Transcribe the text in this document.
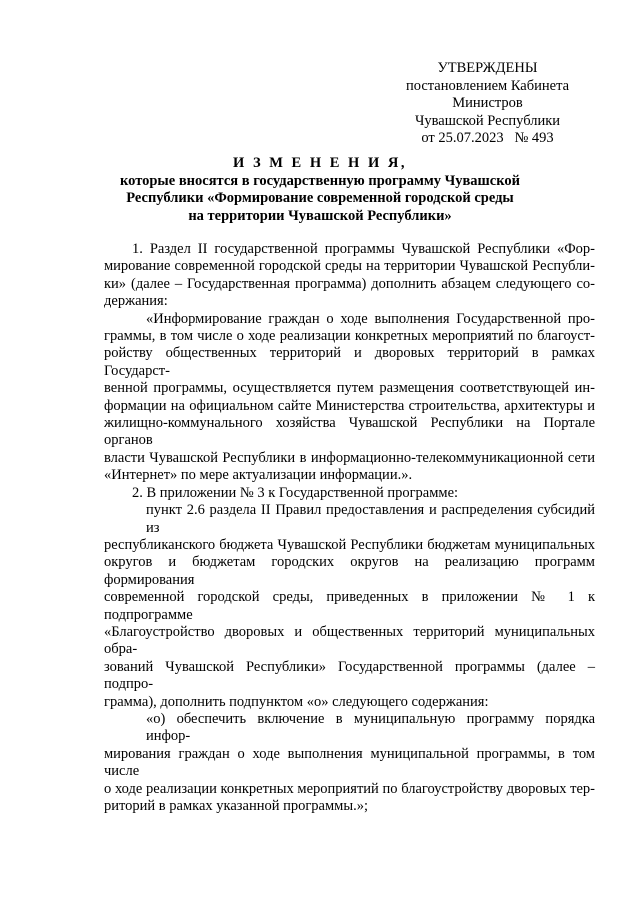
УТВЕРЖДЕНЫ
постановлением Кабинета Министров
Чувашской Республики
от 25.07.2023   № 493
И З М Е Н Е Н И Я,
которые вносятся в государственную программу Чувашской
Республики «Формирование современной городской среды
на территории Чувашской Республики»
1. Раздел II государственной программы Чувашской Республики «Фор-
мирование современной городской среды на территории Чувашской Республи-
ки» (далее – Государственная программа) дополнить абзацем следующего со-
держания:
«Информирование граждан о ходе выполнения Государственной про-
граммы, в том числе о ходе реализации конкретных мероприятий по благоуст-
ройству общественных территорий и дворовых территорий в рамках Государст-
венной программы, осуществляется путем размещения соответствующей ин-
формации на официальном сайте Министерства строительства, архитектуры и
жилищно-коммунального хозяйства Чувашской Республики на Портале органов
власти Чувашской Республики в информационно-телекоммуникационной сети
«Интернет» по мере актуализации информации.».
2. В приложении № 3 к Государственной программе:
пункт 2.6 раздела II Правил предоставления и распределения субсидий из
республиканского бюджета Чувашской Республики бюджетам муниципальных
округов и бюджетам городских округов на реализацию программ формирования
современной городской среды, приведенных в приложении № 1 к подпрограмме
«Благоустройство дворовых и общественных территорий муниципальных обра-
зований Чувашской Республики» Государственной программы (далее – подпро-
грамма), дополнить подпунктом «о» следующего содержания:
«о) обеспечить включение в муниципальную программу порядка инфор-
мирования граждан о ходе выполнения муниципальной программы, в том числе
о ходе реализации конкретных мероприятий по благоустройству дворовых тер-
риторий в рамках указанной программы.»;
